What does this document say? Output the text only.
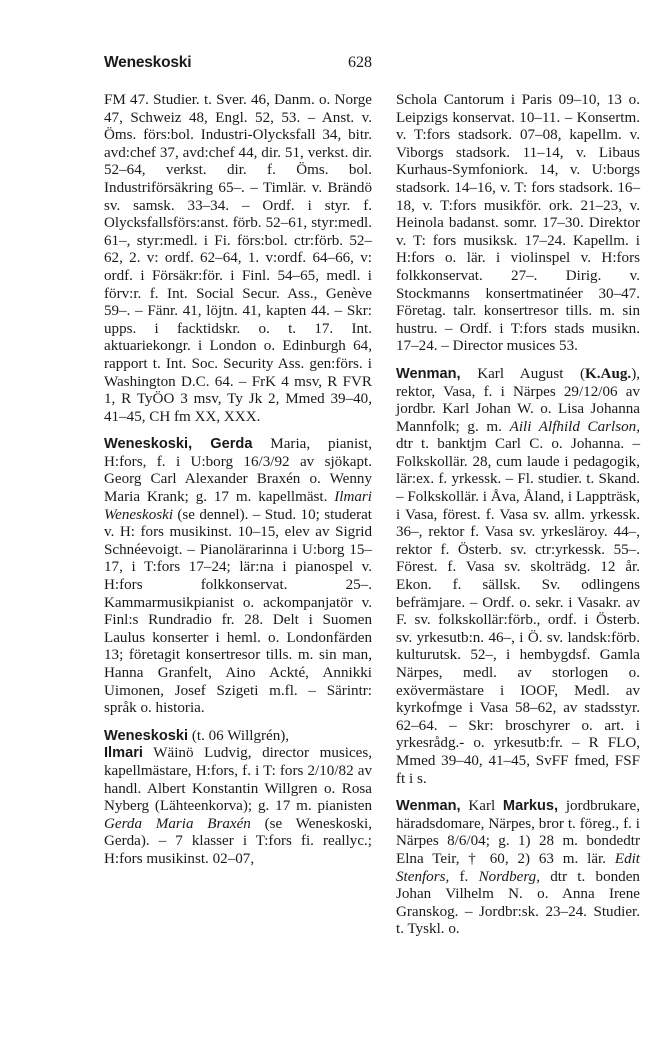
Weneskoski	628

FM 47. Studier. t. Sver. 46, Danm. o. Norge 47, Schweiz 48, Engl. 52, 53. – Anst. v. Öms. förs:bol. Industri-Olycksfall 34, bitr. avd:chef 37, avd:chef 44, dir. 51, verkst. dir. 52–64, verkst. dir. f. Öms. bol. Industriförsäkring 65–. – Timlär. v. Brändö sv. samsk. 33–34. – Ordf. i styr. f. Olycksfallsförs:anst. förb. 52–61, styr:medl. 61–, styr:medl. i Fi. förs:bol. ctr:förb. 52–62, 2. v: ordf. 62–64, 1. v:ordf. 64–66, v: ordf. i Försäkr:för. i Finl. 54–65, medl. i förv:r. f. Int. Social Secur. Ass., Genève 59–. – Fänr. 41, löjtn. 41, kapten 44. – Skr: upps. i facktidskr. o. t. 17. Int. aktuariekongr. i London o. Edinburgh 64, rapport t. Int. Soc. Security Ass. gen:förs. i Washington D.C. 64. – FrK 4 msv, R FVR 1, R TyÖO 3 msv, Ty Jk 2, Mmed 39–40, 41–45, CH fm XX, XXX.

Weneskoski, Gerda Maria, pianist, H:fors, f. i U:borg 16/3/92 av sjökapt. Georg Carl Alexander Braxén o. Wenny Maria Krank; g. 17 m. kapellmäst. Ilmari Weneskoski (se dennel). – Stud. 10; studerat v. H: fors musikinst. 10–15, elev av Sigrid Schnéevoigt. – Pianolärarinna i U:borg 15–17, i T:fors 17–24; lär:na i pianospel v. H:fors folkkonservat. 25–. Kammarmusikpianist o. ackompanjatör v. Finl:s Rundradio fr. 28. Delt i Suomen Laulus konserter i heml. o. Londonfärden 13; företagit konsertresor tills. m. sin man, Hanna Granfelt, Aino Ackté, Annikki Uimonen, Josef Szigeti m.fl. – Särintr: språk o. historia.

Weneskoski (t. 06 Willgrén),
Ilmari Wäinö Ludvig, director musices, kapellmästare, H:fors, f. i T: fors 2/10/82 av handl. Albert Konstantin Willgren o. Rosa Nyberg (Lähteenkorva); g. 17 m. pianisten Gerda Maria Braxén (se Weneskoski, Gerda). – 7 klasser i T:fors fi. reallyc.; H:fors musikinst. 02–07,

Schola Cantorum i Paris 09–10, 13 o. Leipzigs konservat. 10–11. – Konsertm. v. T:fors stadsork. 07–08, kapellm. v. Viborgs stadsork. 11–14, v. Libaus Kurhaus-Symfoniork. 14, v. U:borgs stadsork. 14–16, v. T: fors stadsork. 16–18, v. T:fors musikför. ork. 21–23, v. Heinola badanst. somr. 17–30. Direktor v. T: fors musiksk. 17–24. Kapellm. i H:fors o. lär. i violinspel v. H:fors folkkonservat. 27–. Dirig. v. Stockmanns konsertmatinéer 30–47. Företag. talr. konsertresor tills. m. sin hustru. – Ordf. i T:fors stads musikn. 17–24. – Director musices 53.

Wenman, Karl August (K.Aug.), rektor, Vasa, f. i Närpes 29/12/06 av jordbr. Karl Johan W. o. Lisa Johanna Mannfolk; g. m. Aili Alfhild Carlson, dtr t. banktjm Carl C. o. Johanna. – Folkskollär. 28, cum laude i pedagogik, lär:ex. f. yrkessk. – Fl. studier. t. Skand. – Folkskollär. i Åva, Åland, i Lappträsk, i Vasa, förest. f. Vasa sv. allm. yrkessk. 36–, rektor f. Vasa sv. yrkesläroy. 44–, rektor f. Österb. sv. ctr:yrkessk. 55–. Förest. f. Vasa sv. skolträdg. 12 år. Ekon. f. sällsk. Sv. odlingens befrämjare. – Ordf. o. sekr. i Vasakr. av F. sv. folkskollär:förb., ordf. i Österb. sv. yrkesutb:n. 46–, i Ö. sv. landsk:förb. kulturutsk. 52–, i hembygdsf. Gamla Närpes, medl. av storlogen o. exövermästare i IOOF, Medl. av kyrkofmge i Vasa 58–62, av stadsstyr. 62–64. – Skr: broschyrer o. art. i yrkesrådg.- o. yrkesutb:fr. – R FLO, Mmed 39–40, 41–45, SvFF fmed, FSF ft i s.

Wenman, Karl Markus, jordbrukare, häradsdomare, Närpes, bror t. föreg., f. i Närpes 8/6/04; g. 1) 28 m. bondedtr Elna Teir, † 60, 2) 63 m. lär. Edit Stenfors, f. Nordberg, dtr t. bonden Johan Vilhelm N. o. Anna Irene Granskog. – Jordbr:sk. 23–24. Studier. t. Tyskl. o.
